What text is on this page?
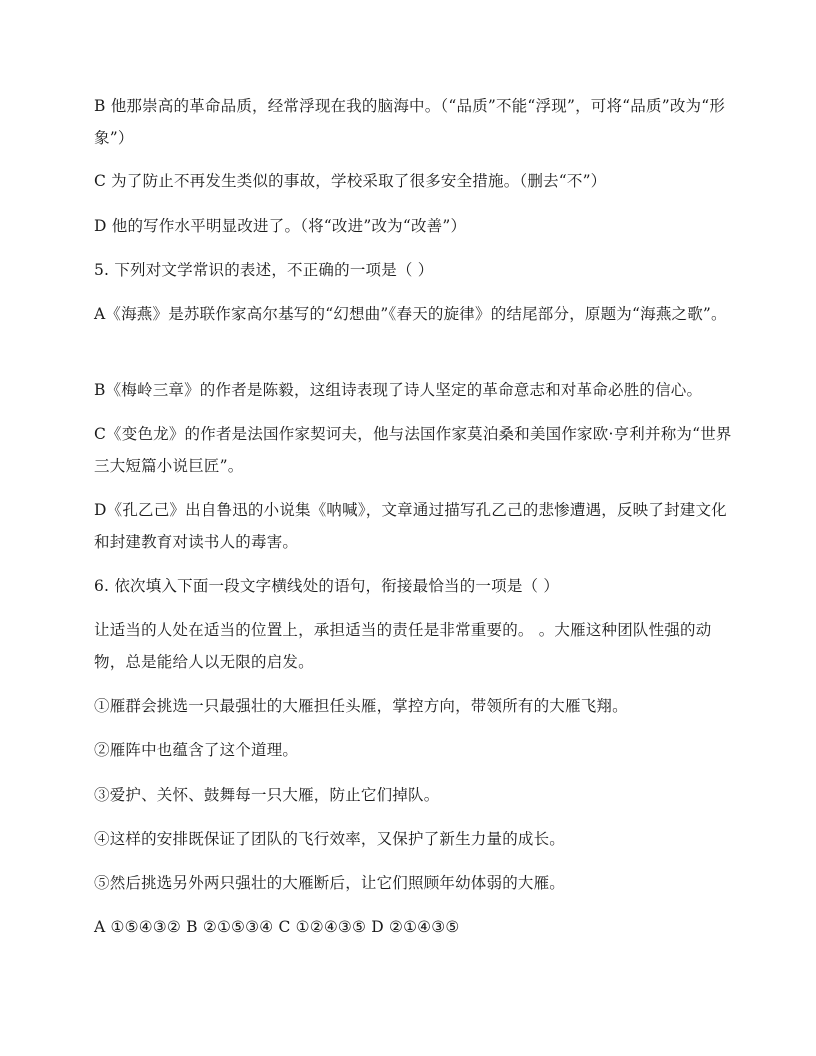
B 他那崇高的革命品质，经常浮现在我的脑海中。（“品质”不能“浮现”，可将“品质”改为“形象”）
C 为了防止不再发生类似的事故，学校采取了很多安全措施。（删去“不”）
D 他的写作水平明显改进了。（将“改进”改为“改善”）
5. 下列对文学常识的表述，不正确的一项是（ ）
A《海燕》是苏联作家高尔基写的“幻想曲”《春天的旋律》的结尾部分，原题为“海燕之歌”。
B《梅岭三章》的作者是陈毅，这组诗表现了诗人坚定的革命意志和对革命必胜的信心。
C《变色龙》的作者是法国作家契诃夫，他与法国作家莫泊桑和美国作家欧·亨利并称为“世界三大短篇小说巨匠”。
D《孔乙己》出自鲁迅的小说集《呐喊》，文章通过描写孔乙己的悲惨遭遇，反映了封建文化和封建教育对读书人的毒害。
6. 依次填入下面一段文字横线处的语句，衔接最恰当的一项是（ ）
让适当的人处在适当的位置上，承担适当的责任是非常重要的。 。大雁这种团队性强的动物，总是能给人以无限的启发。
①雁群会挑选一只最强壮的大雁担任头雁，掌控方向，带领所有的大雁飞翔。
②雁阵中也蕴含了这个道理。
③爱护、关怀、鼓舞每一只大雁，防止它们掉队。
④这样的安排既保证了团队的飞行效率，又保护了新生力量的成长。
⑤然后挑选另外两只强壮的大雁断后，让它们照顾年幼体弱的大雁。
A ①⑤④③② B ②①⑤③④ C ①②④③⑤ D ②①④③⑤
